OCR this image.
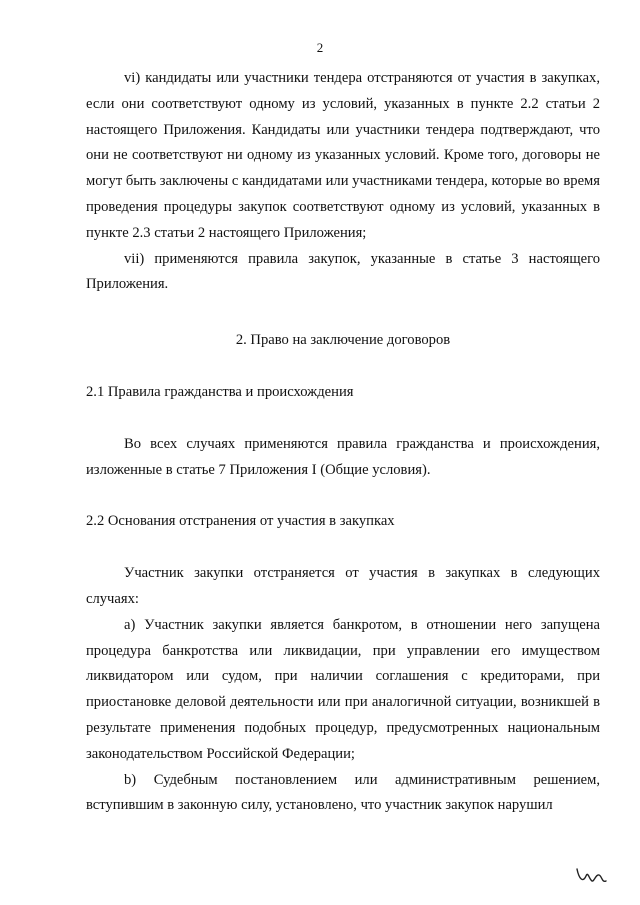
2

vi) кандидаты или участники тендера отстраняются от участия в закупках, если они соответствуют одному из условий, указанных в пункте 2.2 статьи 2 настоящего Приложения. Кандидаты или участники тендера подтверждают, что они не соответствуют ни одному из указанных условий. Кроме того, договоры не могут быть заключены с кандидатами или участниками тендера, которые во время проведения процедуры закупок соответствуют одному из условий, указанных в пункте 2.3 статьи 2 настоящего Приложения;

vii) применяются правила закупок, указанные в статье 3 настоящего Приложения.

2. Право на заключение договоров

2.1 Правила гражданства и происхождения

Во всех случаях применяются правила гражданства и происхождения, изложенные в статье 7 Приложения I (Общие условия).

2.2 Основания отстранения от участия в закупках

Участник закупки отстраняется от участия в закупках в следующих случаях:

а) Участник закупки является банкротом, в отношении него запущена процедура банкротства или ликвидации, при управлении его имуществом ликвидатором или судом, при наличии соглашения с кредиторами, при приостановке деловой деятельности или при аналогичной ситуации, возникшей в результате применения подобных процедур, предусмотренных национальным законодательством Российской Федерации;

b) Судебным постановлением или административным решением, вступившим в законную силу, установлено, что участник закупок нарушил
